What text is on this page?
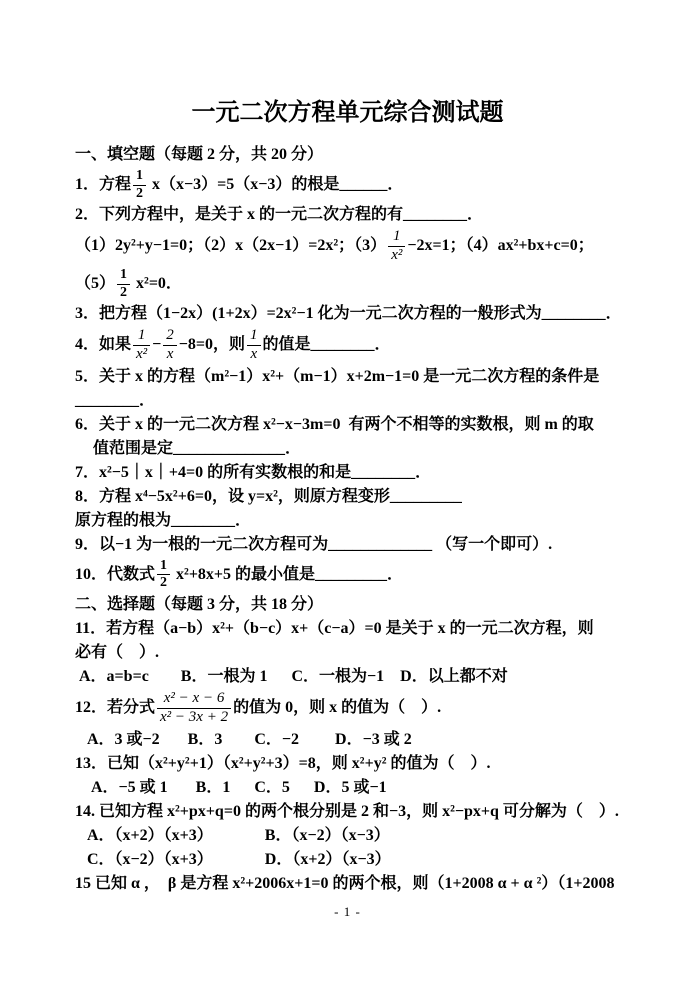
一元二次方程单元综合测试题
一、填空题（每题 2 分，共 20 分）
1．方程 $\frac{1}{2} x(x-3)=5(x-3)$的根是______．
2．下列方程中，是关于 x 的一元二次方程的有________．
（1）2y²+y−1=0；（2）x（2x−1）=2x²；$(3) \frac{1}{\text{x²}} -2x=1$；（4）ax²+bx+c=0；
$(5) \frac{1}{2} x^2=0$．
3．把方程（1−2x）(1+2x）=2x²−1 化为一元二次方程的一般形式为________．
4．如果 $\frac{1}{\text{x²}} - \frac{2}{x} -8=0$，则 $\frac{1}{x}$ 的值是________．
5．关于 x 的方程（m²−1）x²+（m−1）x+2m−1=0 是一元二次方程的条件是
________．
6．关于 x 的一元二次方程 x²−x−3m=0  有两个不相等的实数根，则 m 的取
值范围是定______________．
7．x²−5｜x｜+4=0 的所有实数根的和是________．
8．方程 x⁴−5x²+6=0，设 y=x²，则原方程变形_________
原方程的根为________．
9．以−1 为一根的一元二次方程可为_____________ （写一个即可）.
10．代数式 $\frac{1}{2} x^2+8x+5$ 的最小值是_________．
二、选择题（每题 3 分，共 18 分）
11．若方程（a−b）x²+（b−c）x+（c−a）=0 是关于 x 的一元二次方程，则
必有（　）.
A．a=b=c        B．一根为 1      C．一根为−1    D．以上都不对
12．若分式 $\frac{\text{x² − x − 6}}{\text{x² − 3x + 2}}$ 的值为 0，则 x 的值为（　）.
A．3 或−2       B．3        C．−2         D．−3 或 2
13．已知（x²+y²+1）（x²+y²+3）=8，则 x²+y² 的值为（　）.
A．−5 或 1       B．1      C．5      D．5 或−1
14. 已知方程 x²+px+q=0 的两个根分别是 2 和−3，则 x²−px+q 可分解为（　）.
A．（x+2）（x+3）             B．（x−2）（x−3）
C．（x−2）（x+3）             D．（x+2）（x−3）
15 已知 α ，  β 是方程 x²+2006x+1=0 的两个根，则（1+2008 α + α ²）（1+2008
- 1 -
